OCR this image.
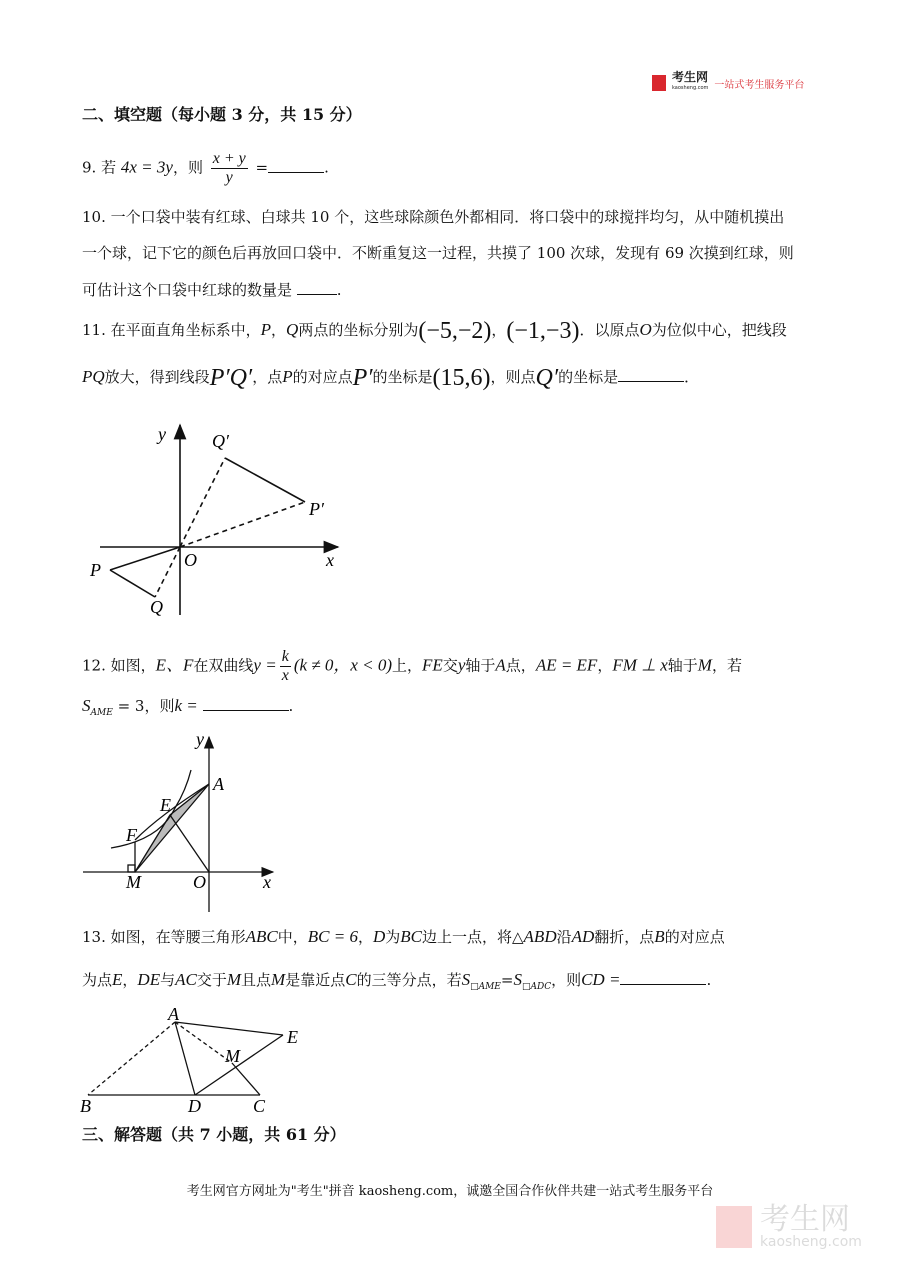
考生网
kaosheng.com 一站式考生服务平台
二、填空题（每小题 3 分，共 15 分）
9. 若 4x = 3y，则 $\frac{x + y}{y}$ =	.
10. 一个口袋中装有红球、白球共 10 个，这些球除颜色外都相同．将口袋中的球搅拌均匀，从中随机摸出
一个球，记下它的颜色后再放回口袋中．不断重复这一过程，共摸了 100 次球，发现有 69 次摸到红球，则
可估计这个口袋中红球的数量是	.
11. 在平面直角坐标系中，P，Q两点的坐标分别为(−5,−2)，(−1,−3)．以原点O为位似中心，把线段
PQ放大，得到线段P′Q′，点P的对应点P′的坐标是(15,6)，则点Q′的坐标是	．
y	Q′
P′
O	x
P
Q
y
A
E
F
M	O	x
A
E
M
B	D	C
12. 如图，E、F在双曲线$y = \frac{k}{x} (k \ne 0$，x < 0)上，FE交y轴于A点，AE = EF，FM ⊥ x轴于M，若
$S_{AME} = 3$，则k =	.
13. 如图，在等腰三角形ABC中，BC = 6，D为BC边上一点，将△ABD沿AD翻折，点B的对应点
为点E，DE与AC交于M且点M是靠近点C的三等分点，若$S_{□AME}=S_{□ADC}$，则CD =	.
三、解答题（共 7 小题，共 61 分）
考生网官方网址为"考生"拼音 kaosheng.com，诚邀全国合作伙伴共建一站式考生服务平台
考生网
kaosheng.com
